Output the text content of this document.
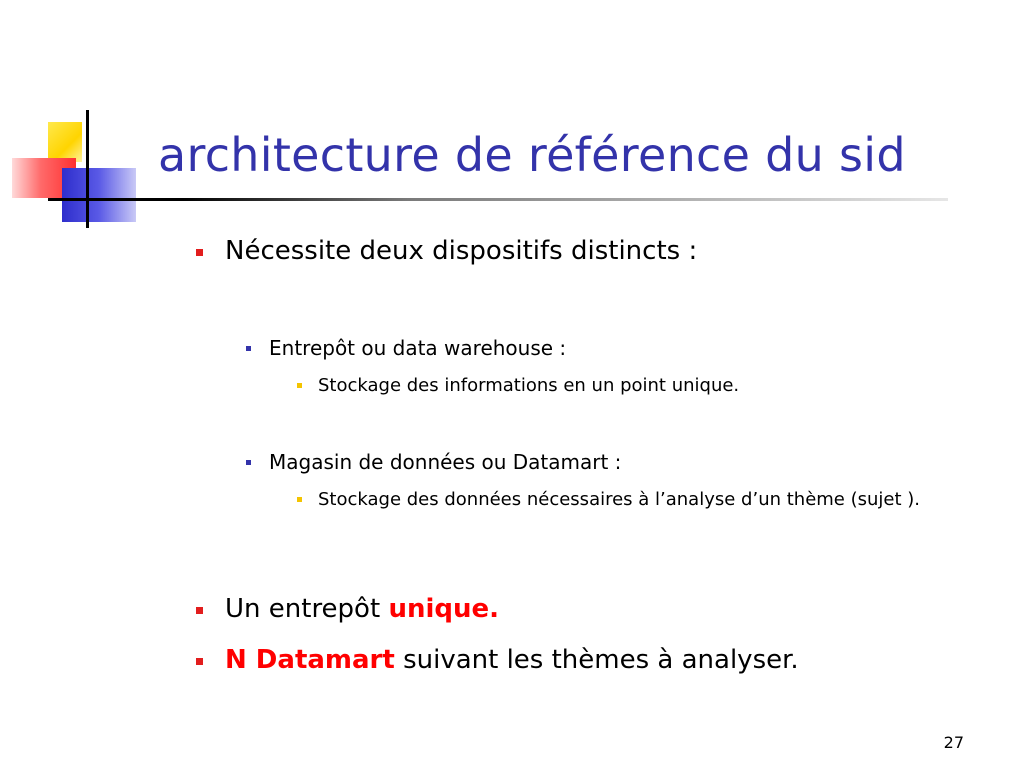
architecture de référence du sid
Nécessite deux dispositifs distincts :
Entrepôt ou data warehouse :
Stockage des informations en un point unique.
Magasin de données ou Datamart :
Stockage des données nécessaires à l’analyse d’un thème (sujet ).
Un entrepôt unique.
N Datamart suivant les thèmes à analyser.
27
